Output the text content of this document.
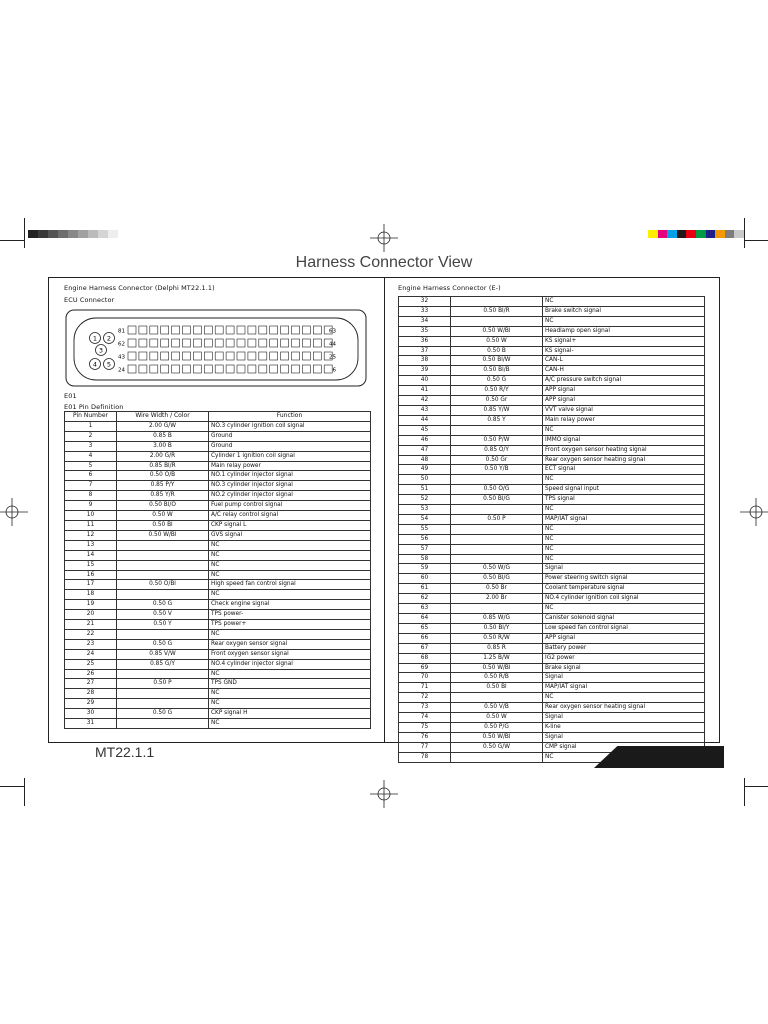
Harness Connector View
Engine Harness Connector (Delphi MT22.1.1)
ECU Connector
1 2
3
4 5
81
62
43
24
63
44
25
6
E01
E01 Pin Definition
Pin Number	Wire Width / Color	Function
1	2.00 G/W	NO.3 cylinder ignition coil signal
2	0.85 B	Ground
3	3.00 B	Ground
4	2.00 G/R	Cylinder 1 ignition coil signal
5	0.85 Bl/R	Main relay power
6	0.50 O/B	NO.1 cylinder injector signal
7	0.85 P/Y	NO.3 cylinder injector signal
8	0.85 Y/R	NO.2 cylinder injector signal
9	0.50 Bl/O	Fuel pump control signal
10	0.50 W	A/C relay control signal
11	0.50 Bl	CKP signal L
12	0.50 W/Bl	GVS signal
13		NC
14		NC
15		NC
16		NC
17	0.50 O/Bl	High speed fan control signal
18		NC
19	0.50 G	Check engine signal
20	0.50 V	TPS power-
21	0.50 Y	TPS power+
22		NC
23	0.50 G	Rear oxygen sensor signal
24	0.85 V/W	Front oxygen sensor signal
25	0.85 G/Y	NO.4 cylinder injector signal
26		NC
27	0.50 P	TPS GND
28		NC
29		NC
30	0.50 G	CKP signal H
31		NC
Engine Harness Connector (E-)
32		NC
33	0.50 Bl/R	Brake switch signal
34		NC
35	0.50 W/Bl	Headlamp open signal
36	0.50 W	KS signal+
37	0.50 B	KS signal-
38	0.50 Bl/W	CAN-L
39	0.50 Bl/B	CAN-H
40	0.50 G	A/C pressure switch signal
41	0.50 R/Y	APP signal
42	0.50 Gr	APP signal
43	0.85 Y/W	VVT valve signal
44	0.85 Y	Main relay power
45		NC
46	0.50 P/W	IMMO signal
47	0.85 O/Y	Front oxygen sensor heating signal
48	0.50 Gr	Rear oxygen sensor heating signal
49	0.50 Y/B	ECT signal
50		NC
51	0.50 O/G	Speed signal input
52	0.50 Bl/G	TPS signal
53		NC
54	0.50 P	MAP/IAT signal
55		NC
56		NC
57		NC
58		NC
59	0.50 W/G	Signal
60	0.50 Bl/G	Power steering switch signal
61	0.50 Br	Coolant temperature signal
62	2.00 Br	NO.4 cylinder ignition coil signal
63		NC
64	0.85 W/G	Canister solenoid signal
65	0.50 Bl/Y	Low speed fan control signal
66	0.50 R/W	APP signal
67	0.85 R	Battery power
68	1.25 B/W	IG2 power
69	0.50 W/Bl	Brake signal
70	0.50 R/B	Signal
71	0.50 Bl	MAP/IAT signal
72		NC
73	0.50 V/B	Rear oxygen sensor heating signal
74	0.50 W	Signal
75	0.50 P/G	K-line
76	0.50 W/Bl	Signal
77	0.50 G/W	CMP signal
78		NC
MT22.1.1
